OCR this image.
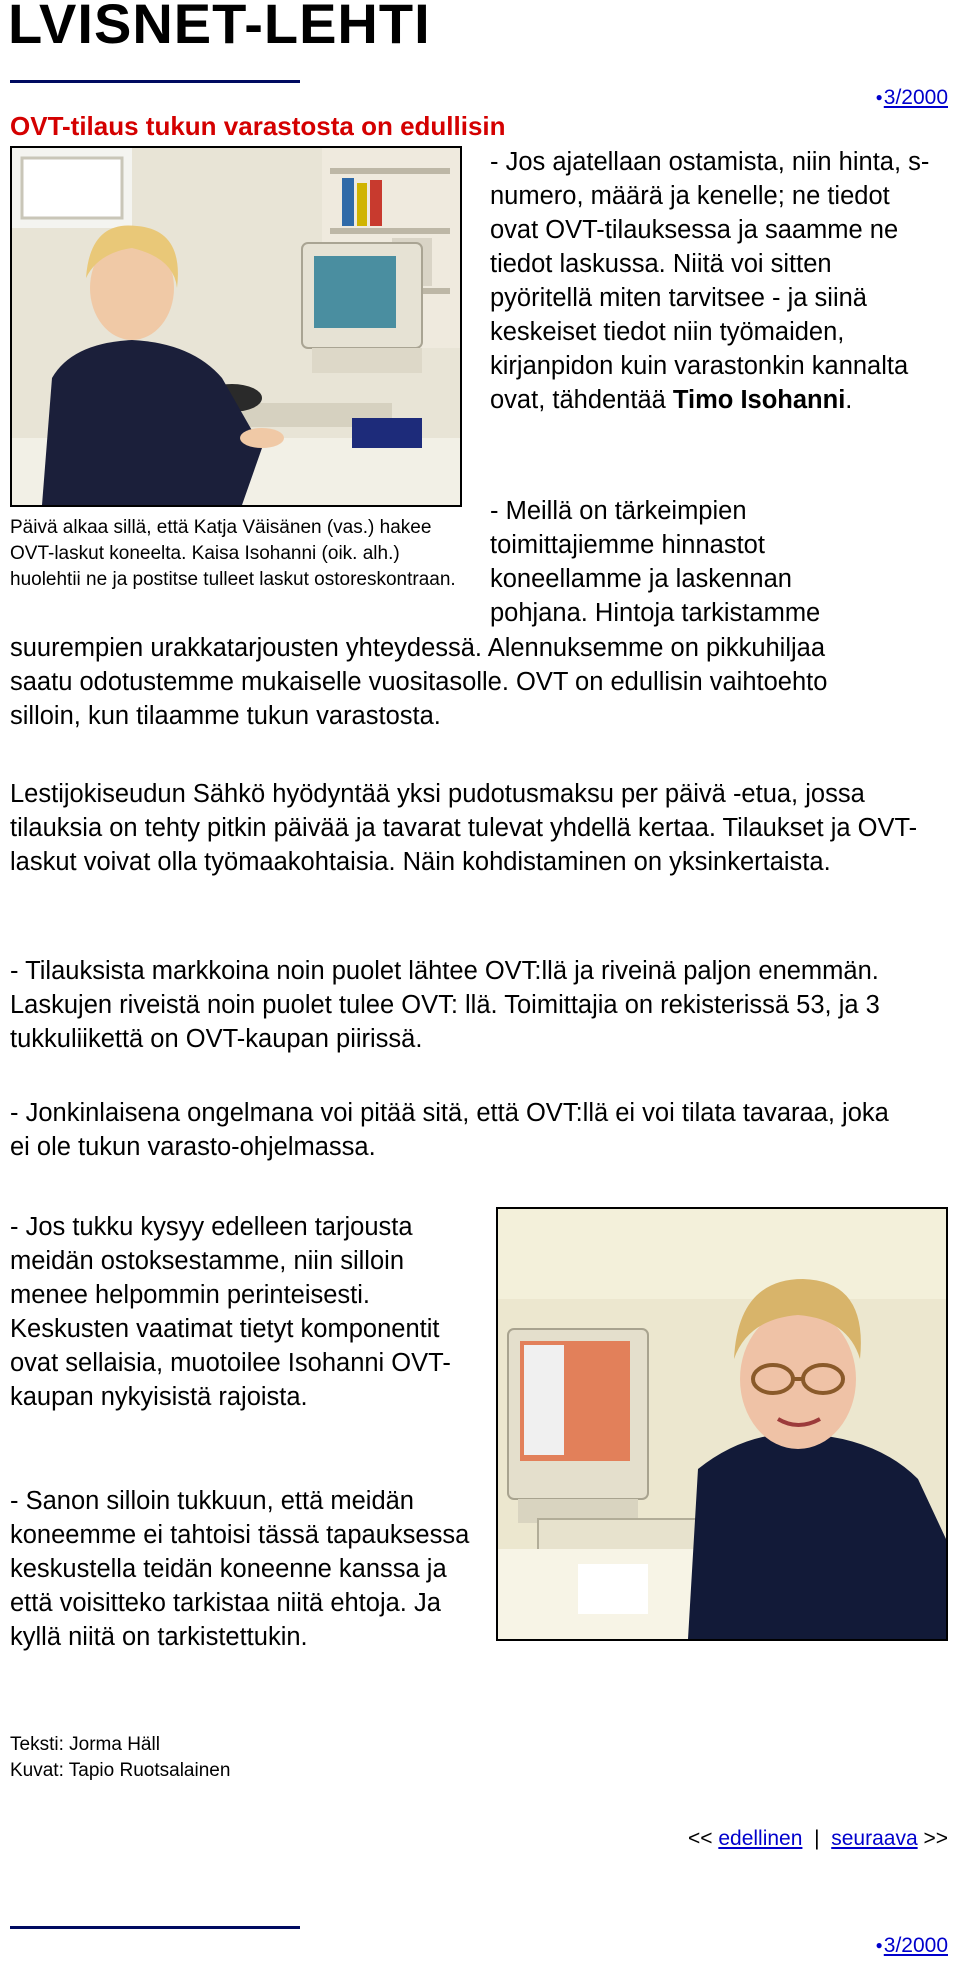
LVISNET-LEHTI
●3/2000
OVT-tilaus tukun varastosta on edullisin

- Jos ajatellaan ostamista, niin hinta, s-numero, määrä ja kenelle; ne tiedot ovat OVT-tilauksessa ja saamme ne tiedot laskussa. Niitä voi sitten pyöritellä miten tarvitsee - ja siinä keskeiset tiedot niin työmaiden, kirjanpidon kuin varastonkin kannalta ovat, tähdentää Timo Isohanni.

Päivä alkaa sillä, että Katja Väisänen (vas.) hakee OVT-laskut koneelta. Kaisa Isohanni (oik. alh.) huolehtii ne ja postitse tulleet laskut ostoreskontraan.

- Meillä on tärkeimpien
toimittajiemme hinnastot
koneellamme ja laskennan
pohjana. Hintoja tarkistamme

suurempien urakkatarjousten yhteydessä. Alennuksemme on pikkuhiljaa saatu odotustemme mukaiselle vuositasolle. OVT on edullisin vaihtoehto silloin, kun tilaamme tukun varastosta.

Lestijokiseudun Sähkö hyödyntää yksi pudotusmaksu per päivä -etua, jossa tilauksia on tehty pitkin päivää ja tavarat tulevat yhdellä kertaa. Tilaukset ja OVT-laskut voivat olla työmaakohtaisia. Näin kohdistaminen on yksinkertaista.

- Tilauksista markkoina noin puolet lähtee OVT:llä ja riveinä paljon enemmän. Laskujen riveistä noin puolet tulee OVT: llä. Toimittajia on rekisterissä 53, ja 3 tukkuliikettä on OVT-kaupan piirissä.

- Jonkinlaisena ongelmana voi pitää sitä, että OVT:llä ei voi tilata tavaraa, joka ei ole tukun varasto-ohjelmassa.

- Jos tukku kysyy edelleen tarjousta meidän ostoksestamme, niin silloin menee helpommin perinteisesti. Keskusten vaatimat tietyt komponentit ovat sellaisia, muotoilee Isohanni OVT-kaupan nykyisistä rajoista.

- Sanon silloin tukkuun, että meidän koneemme ei tahtoisi tässä tapauksessa keskustella teidän koneenne kanssa ja että voisitteko tarkistaa niitä ehtoja. Ja kyllä niitä on tarkistettukin.

Teksti: Jorma Häll

Kuvat: Tapio Ruotsalainen

<< edellinen | seuraava >>
●3/2000
